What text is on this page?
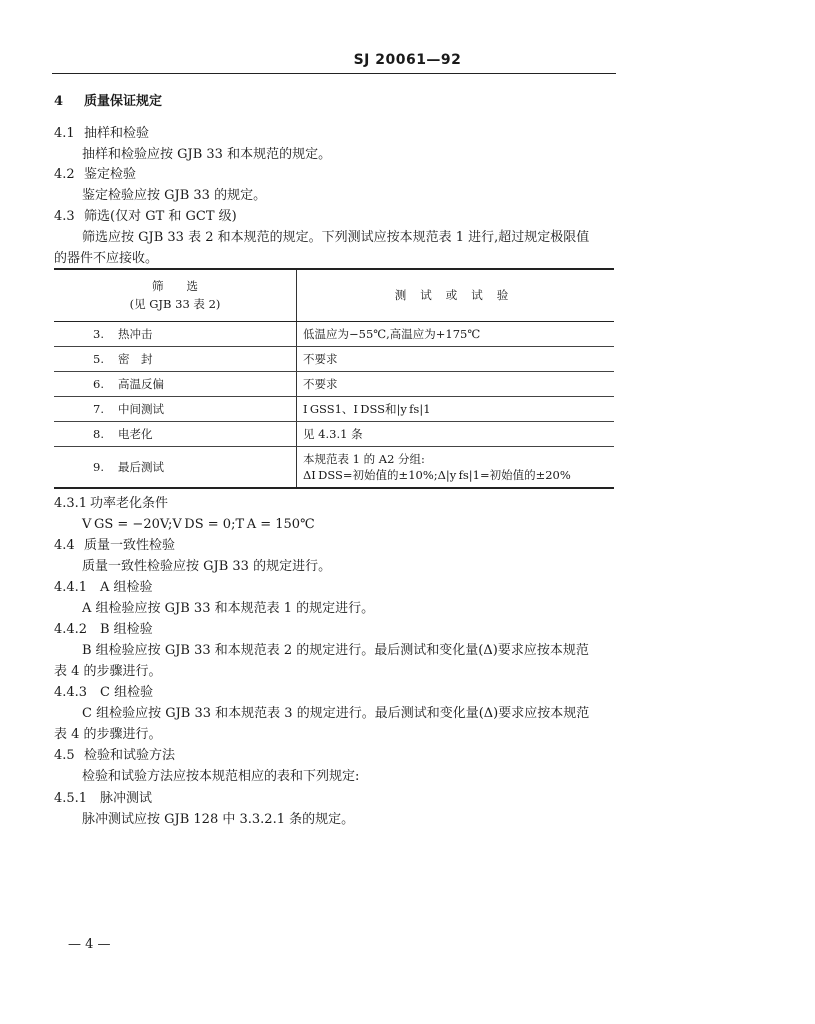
SJ 20061—92
4 质量保证规定
4.1 抽样和检验
抽样和检验应按 GJB 33 和本规范的规定。
4.2 鉴定检验
鉴定检验应按 GJB 33 的规定。
4.3 筛选(仅对 GT 和 GCT 级)
筛选应按 GJB 33 表 2 和本规范的规定。下列测试应按本规范表 1 进行,超过规定极限值
的器件不应接收。
筛　　选
(见 GJB 33 表 2)	测试或试验

3. 热冲击	低温应为−55℃,高温应为+175℃
5. 密　封	不要求
6. 高温反偏	不要求
7. 中间测试	I GSS1、I DSS和|y fs|1
8. 电老化	见 4.3.1 条
9. 最后测试	本规范表 1 的 A2 分组:
ΔI DSS=初始值的±10%;Δ|y fs|1=初始值的±20%
4.3.1 功率老化条件
V GS = −20V;V DS = 0;T A = 150℃
4.4 质量一致性检验
质量一致性检验应按 GJB 33 的规定进行。
4.4.1 A 组检验
A 组检验应按 GJB 33 和本规范表 1 的规定进行。
4.4.2 B 组检验
B 组检验应按 GJB 33 和本规范表 2 的规定进行。最后测试和变化量(Δ)要求应按本规范
表 4 的步骤进行。
4.4.3 C 组检验
C 组检验应按 GJB 33 和本规范表 3 的规定进行。最后测试和变化量(Δ)要求应按本规范
表 4 的步骤进行。
4.5 检验和试验方法
检验和试验方法应按本规范相应的表和下列规定:
4.5.1 脉冲测试
脉冲测试应按 GJB 128 中 3.3.2.1 条的规定。
— 4 —
